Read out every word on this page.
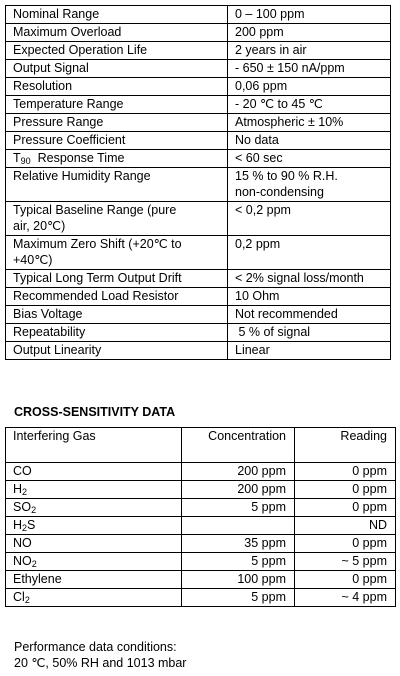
Nominal Range	0 – 100 ppm
Maximum Overload	200 ppm
Expected Operation Life	2 years in air
Output Signal	- 650 ± 150 nA/ppm
Resolution	0,06 ppm
Temperature Range	- 20 ℃ to 45 ℃
Pressure Range	Atmospheric ± 10%
Pressure Coefficient	No data
$T_{90}$  Response Time	< 60 sec
Relative Humidity Range	15 % to 90 % R.H.
non-condensing

Typical Baseline Range (pure
air, 20℃)	< 0,2 ppm

Maximum Zero Shift (+20℃ to
+40℃)	0,2 ppm
Typical Long Term Output Drift	< 2% signal loss/month
Recommended Load Resistor	10 Ohm
Bias Voltage	Not recommended
Repeatability	5 % of signal
Output Linearity	Linear
CROSS-SENSITIVITY DATA
Interfering Gas	Concentration	Reading
CO	200 ppm	0 ppm
$H_2$	200 ppm	0 ppm
$SO_2$	5 ppm	0 ppm
$H_2S$		ND
NO	35 ppm	0 ppm
$NO_2$	5 ppm	~ 5 ppm
Ethylene	100 ppm	0 ppm
$Cl_2$	5 ppm	~ 4 ppm
Performance data conditions:
20 ℃, 50% RH and 1013 mbar
